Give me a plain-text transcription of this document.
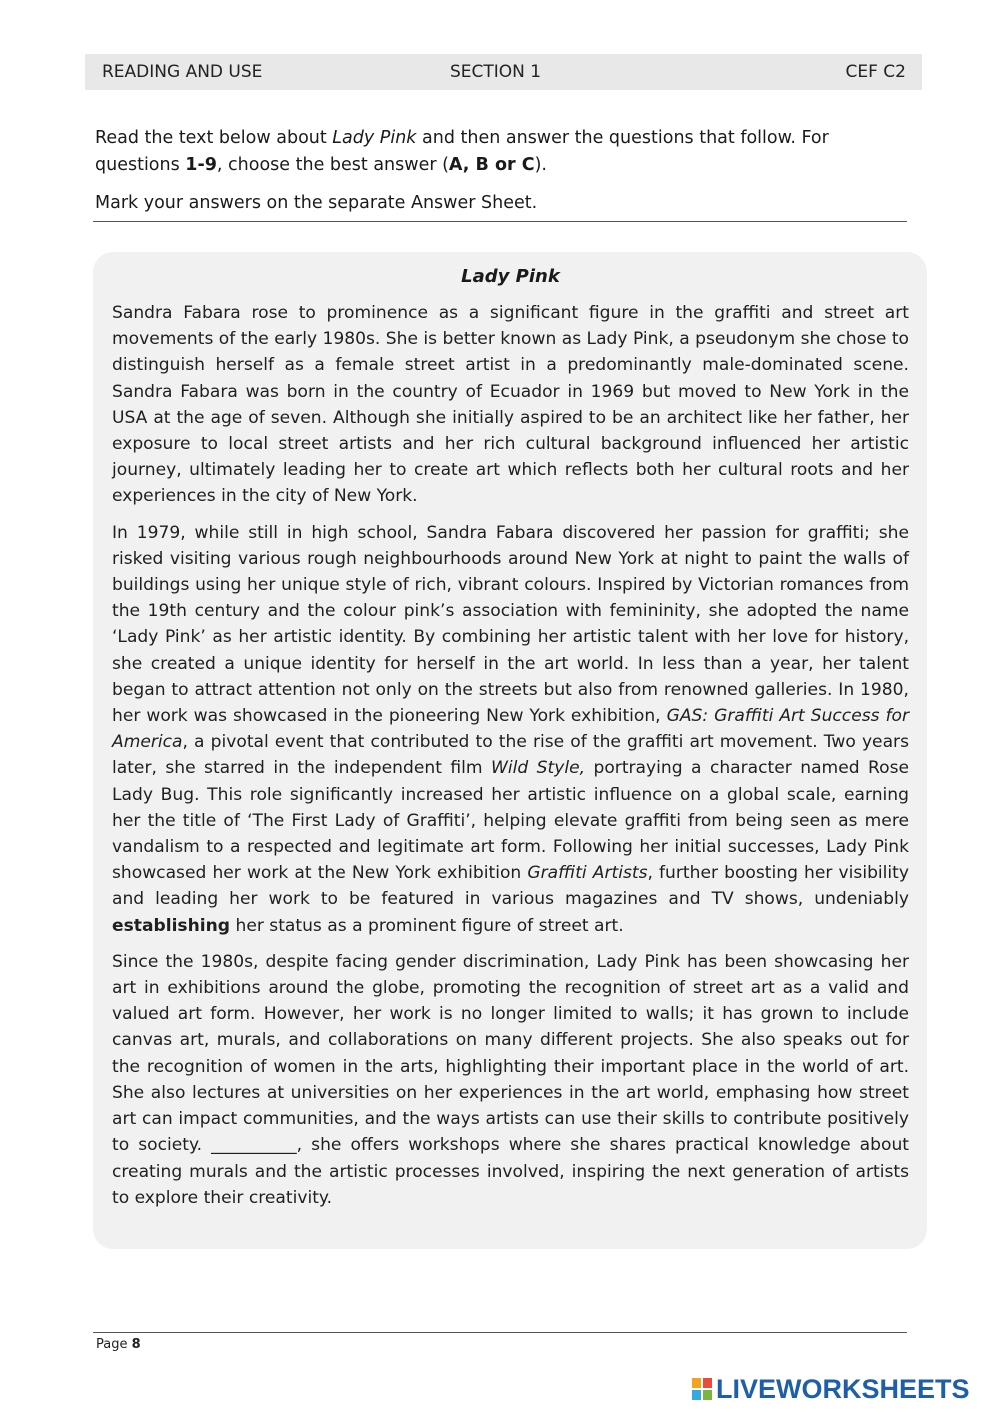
READING AND USE	SECTION 1	CEF C2

Read the text below about Lady Pink and then answer the questions that follow. For questions 1-9, choose the best answer (A, B or C).

Mark your answers on the separate Answer Sheet.

Lady Pink

Sandra Fabara rose to prominence as a significant figure in the graffiti and street art movements of the early 1980s. She is better known as Lady Pink, a pseudonym she chose to distinguish herself as a female street artist in a predominantly male-dominated scene. Sandra Fabara was born in the country of Ecuador in 1969 but moved to New York in the USA at the age of seven. Although she initially aspired to be an architect like her father, her exposure to local street artists and her rich cultural background influenced her artistic journey, ultimately leading her to create art which reflects both her cultural roots and her experiences in the city of New York.

In 1979, while still in high school, Sandra Fabara discovered her passion for graffiti; she risked visiting various rough neighbourhoods around New York at night to paint the walls of buildings using her unique style of rich, vibrant colours. Inspired by Victorian romances from the 19th century and the colour pink’s association with femininity, she adopted the name ‘Lady Pink’ as her artistic identity. By combining her artistic talent with her love for history, she created a unique identity for herself in the art world. In less than a year, her talent began to attract attention not only on the streets but also from renowned galleries. In 1980, her work was showcased in the pioneering New York exhibition, GAS: Graffiti Art Success for America, a pivotal event that contributed to the rise of the graffiti art movement. Two years later, she starred in the independent film Wild Style, portraying a character named Rose Lady Bug. This role significantly increased her artistic influence on a global scale, earning her the title of ‘The First Lady of Graffiti’, helping elevate graffiti from being seen as mere vandalism to a respected and legitimate art form. Following her initial successes, Lady Pink showcased her work at the New York exhibition Graffiti Artists, further boosting her visibility and leading her work to be featured in various magazines and TV shows, undeniably establishing her status as a prominent figure of street art.

Since the 1980s, despite facing gender discrimination, Lady Pink has been showcasing her art in exhibitions around the globe, promoting the recognition of street art as a valid and valued art form. However, her work is no longer limited to walls; it has grown to include canvas art, murals, and collaborations on many different projects. She also speaks out for the recognition of women in the arts, highlighting their important place in the world of art. She also lectures at universities on her experiences in the art world, emphasing how street art can impact communities, and the ways artists can use their skills to contribute positively to society. __________, she offers workshops where she shares practical knowledge about creating murals and the artistic processes involved, inspiring the next generation of artists to explore their creativity.

Page 8
LIVEWORKSHEETS
